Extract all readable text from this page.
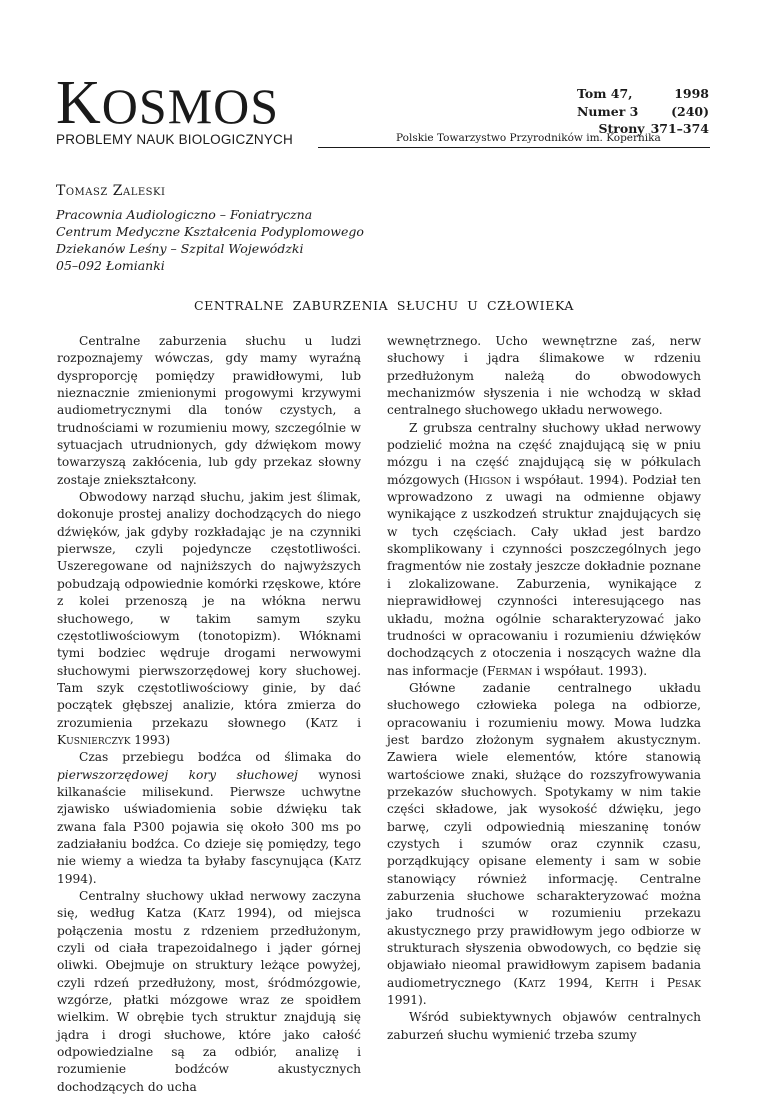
KOSMOS
PROBLEMY NAUK BIOLOGICZNYCH
Tom 47,	1998
Numer 3	(240)
Strony 371–374
Polskie Towarzystwo Przyrodników im. Kopernika
Tomasz Zaleski
Pracownia Audiologiczno – Foniatryczna
Centrum Medyczne Kształcenia Podyplomowego
Dziekanów Leśny – Szpital Wojewódzki
05–092 Łomianki
CENTRALNE ZABURZENIA SŁUCHU U CZŁOWIEKA

Centralne zaburzenia słuchu u ludzi rozpoznajemy wówczas, gdy mamy wyraźną dysproporcję pomiędzy prawidłowymi, lub nieznacznie zmienionymi progowymi krzywymi audiometrycznymi dla tonów czystych, a trudnościami w rozumieniu mowy, szczególnie w sytuacjach utrudnionych, gdy dźwiękom mowy towarzyszą zakłócenia, lub gdy przekaz słowny zostaje zniekształcony.

Obwodowy narząd słuchu, jakim jest ślimak, dokonuje prostej analizy dochodzących do niego dźwięków, jak gdyby rozkładając je na czynniki pierwsze, czyli pojedyncze częstotliwości. Uszeregowane od najniższych do najwyższych pobudzają odpowiednie komórki rzęskowe, które z kolei przenoszą je na włókna nerwu słuchowego, w takim samym szyku częstotliwościowym (tonotopizm). Włóknami tymi bodziec wędruje drogami nerwowymi słuchowymi pierwszorzędowej kory słuchowej. Tam szyk częstotliwościowy ginie, by dać początek głębszej analizie, która zmierza do zrozumienia przekazu słownego (Katz i Kusnierczyk 1993)

Czas przebiegu bodźca od ślimaka do pierwszorzędowej kory słuchowej wynosi kilkanaście milisekund. Pierwsze uchwytne zjawisko uświadomienia sobie dźwięku tak zwana fala P300 pojawia się około 300 ms po zadziałaniu bodźca. Co dzieje się pomiędzy, tego nie wiemy a wiedza ta byłaby fascynująca (Katz 1994).

Centralny słuchowy układ nerwowy zaczyna się, według Katza (Katz 1994), od miejsca połączenia mostu z rdzeniem przedłużonym, czyli od ciała trapezoidalnego i jąder górnej oliwki. Obejmuje on struktury leżące powyżej, czyli rdzeń przedłużony, most, śródmózgowie, wzgórze, płatki mózgowe wraz ze spoidłem wielkim. W obrębie tych struktur znajdują się jądra i drogi słuchowe, które jako całość odpowiedzialne są za odbiór, analizę i rozumienie bodźców akustycznych dochodzących do ucha

wewnętrznego. Ucho wewnętrzne zaś, nerw słuchowy i jądra ślimakowe w rdzeniu przedłużonym należą do obwodowych mechanizmów słyszenia i nie wchodzą w skład centralnego słuchowego układu nerwowego.

Z grubsza centralny słuchowy układ nerwowy podzielić można na część znajdującą się w pniu mózgu i na część znajdującą się w półkulach mózgowych (Higson i współaut. 1994). Podział ten wprowadzono z uwagi na odmienne objawy wynikające z uszkodzeń struktur znajdujących się w tych częściach. Cały układ jest bardzo skomplikowany i czynności poszczególnych jego fragmentów nie zostały jeszcze dokładnie poznane i zlokalizowane. Zaburzenia, wynikające z nieprawidłowej czynności interesującego nas układu, można ogólnie scharakteryzować jako trudności w opracowaniu i rozumieniu dźwięków dochodzących z otoczenia i noszących ważne dla nas informacje (Ferman i współaut. 1993).

Główne zadanie centralnego układu słuchowego człowieka polega na odbiorze, opracowaniu i rozumieniu mowy. Mowa ludzka jest bardzo złożonym sygnałem akustycznym. Zawiera wiele elementów, które stanowią wartościowe znaki, służące do rozszyfrowywania przekazów słuchowych. Spotykamy w nim takie części składowe, jak wysokość dźwięku, jego barwę, czyli odpowiednią mieszaninę tonów czystych i szumów oraz czynnik czasu, porządkujący opisane elementy i sam w sobie stanowiący również informację. Centralne zaburzenia słuchowe scharakteryzować można jako trudności w rozumieniu przekazu akustycznego przy prawidłowym jego odbiorze w strukturach słyszenia obwodowych, co będzie się objawiało nieomal prawidłowym zapisem badania audiometrycznego (Katz 1994, Keith i Pesak 1991).

Wśród subiektywnych objawów centralnych zaburzeń słuchu wymienić trzeba szumy
